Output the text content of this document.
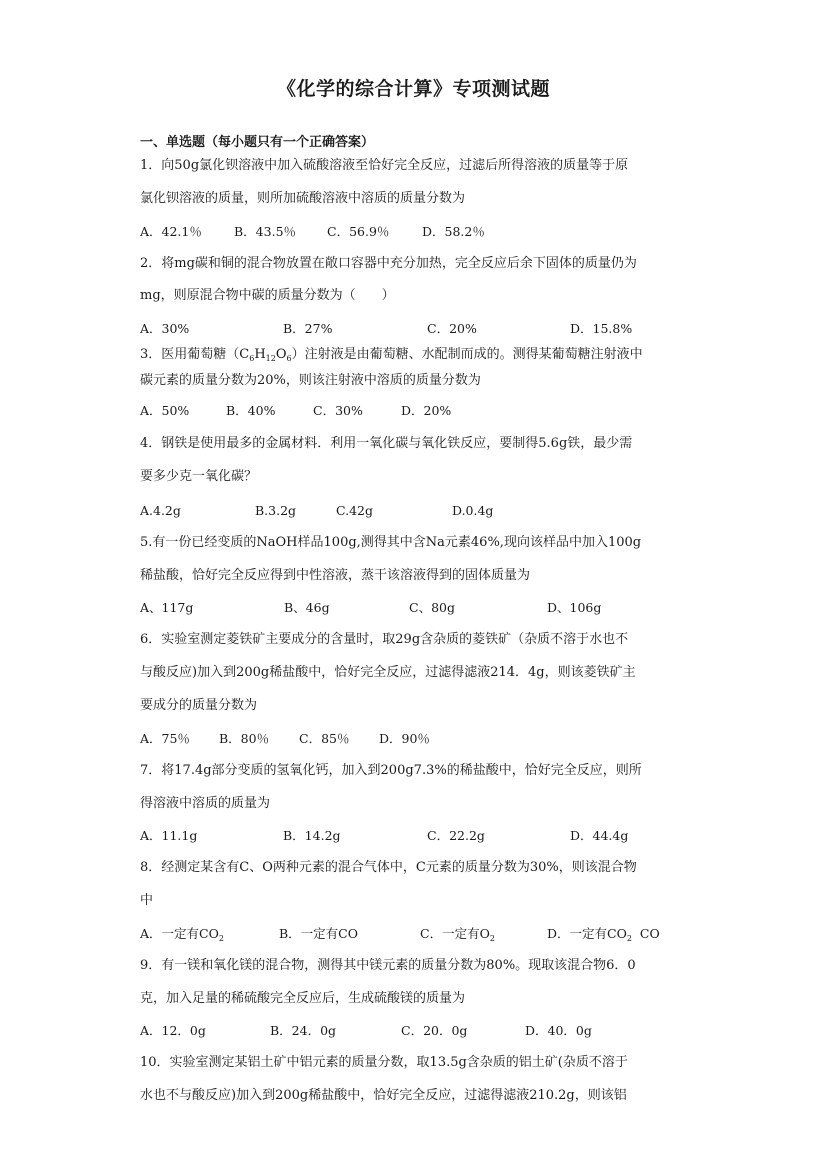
《化学的综合计算》专项测试题
一、单选题（每小题只有一个正确答案）
1．向50g氯化钡溶液中加入硫酸溶液至恰好完全反应，过滤后所得溶液的质量等于原
氯化钡溶液的质量，则所加硫酸溶液中溶质的质量分数为
A．42.1％	B．43.5％ C．56.9％	D．58.2％
2．将mg碳和铜的混合物放置在敞口容器中充分加热，完全反应后余下固体的质量仍为
mg，则原混合物中碳的质量分数为（　　）
A．30%	B．27%	C．20%	D．15.8%
3．医用葡萄糖$(C_6H_{12}O_6)$注射液是由葡萄糖、水配制而成的。测得某葡萄糖注射液中
碳元素的质量分数为20%，则该注射液中溶质的质量分数为
A．50%	B．40%	C．30%	D．20%
4．钢铁是使用最多的金属材料．利用一氧化碳与氧化铁反应，要制得5.6g铁，最少需
要多少克一氧化碳？
A.4.2g	B.3.2g	C.42g	D.0.4g
5.有一份已经变质的NaOH样品100g,测得其中含Na元素46%,现向该样品中加入100g
稀盐酸，恰好完全反应得到中性溶液，蒸干该溶液得到的固体质量为
A、117g	B、46g	C、80g	D、106g
6．实验室测定菱铁矿主要成分的含量时，取29g含杂质的菱铁矿（杂质不溶于水也不
与酸反应)加入到200g稀盐酸中，恰好完全反应，过滤得滤液214．4g，则该菱铁矿主
要成分的质量分数为
A．75％ B．80％ C．85％ D．90％
7．将17.4g部分变质的氢氧化钙，加入到200g7.3%的稀盐酸中，恰好完全反应，则所
得溶液中溶质的质量为
A．11.1g	B．14.2g	C．22.2g	D．44.4g
8．经测定某含有C、O两种元素的混合气体中，C元素的质量分数为30%，则该混合物
中
A．一定有$CO_2$	B．一定有CO	C．一定有$O_2$	D．一定有$CO_2$ CO
9．有一镁和氧化镁的混合物，测得其中镁元素的质量分数为80%。现取该混合物6．0
克，加入足量的稀硫酸完全反应后，生成硫酸镁的质量为
A．12．0g	B．24．0g	C．20．0g	D．40．0g
10．实验室测定某铝土矿中铝元素的质量分数，取13.5g含杂质的铝土矿(杂质不溶于
水也不与酸反应)加入到200g稀盐酸中，恰好完全反应，过滤得滤液210.2g，则该铝
